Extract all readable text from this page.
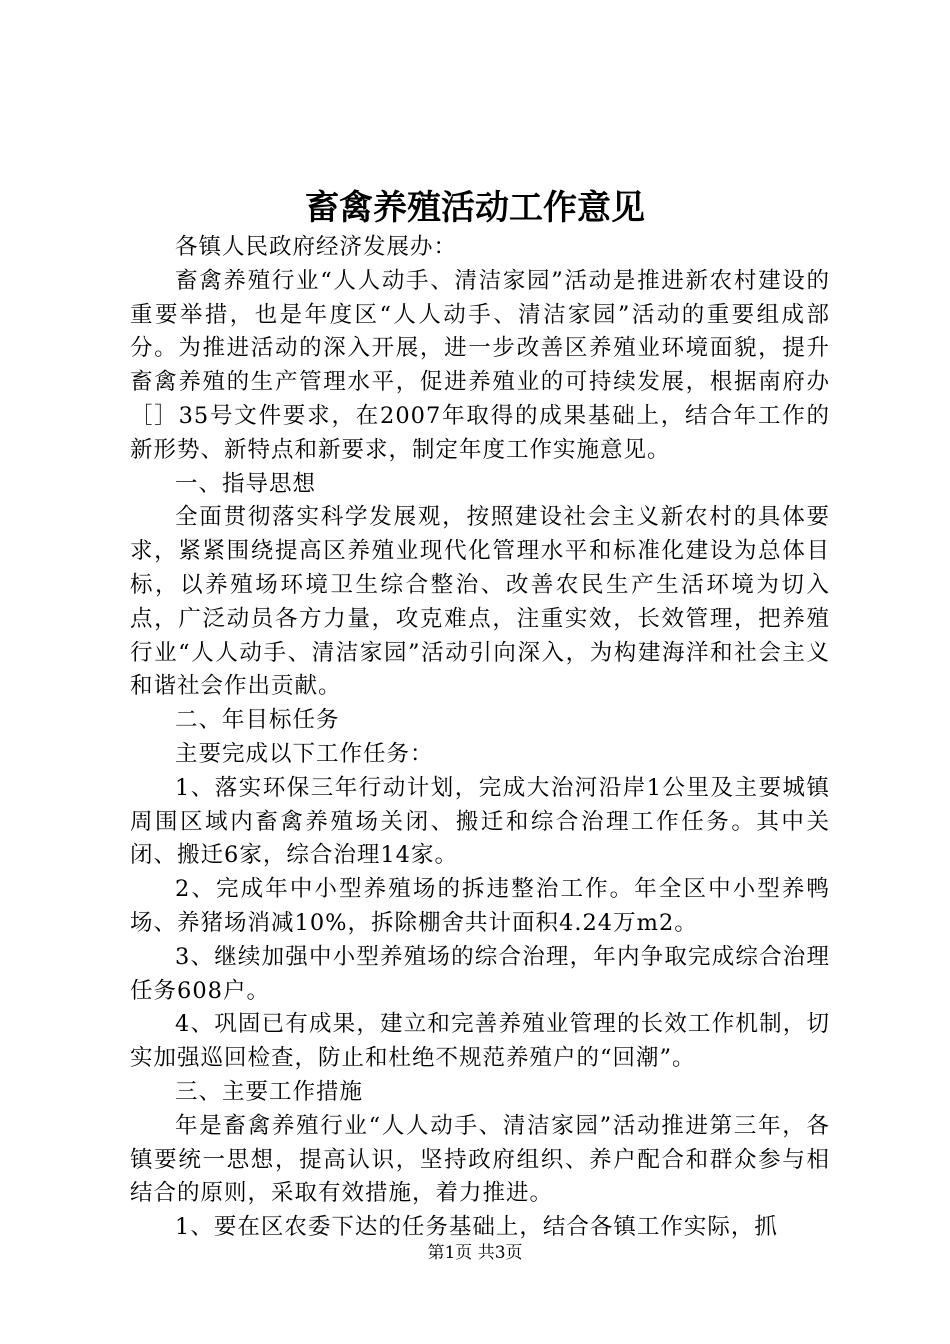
畜禽养殖活动工作意见

各镇人民政府经济发展办：

畜禽养殖行业“人人动手、清洁家园”活动是推进新农村建设的重要举措，也是年度区“人人动手、清洁家园”活动的重要组成部分。为推进活动的深入开展，进一步改善区养殖业环境面貌，提升畜禽养殖的生产管理水平，促进养殖业的可持续发展，根据南府办［］35号文件要求，在2007年取得的成果基础上，结合年工作的新形势、新特点和新要求，制定年度工作实施意见。

一、指导思想

全面贯彻落实科学发展观，按照建设社会主义新农村的具体要求，紧紧围绕提高区养殖业现代化管理水平和标准化建设为总体目标，以养殖场环境卫生综合整治、改善农民生产生活环境为切入点，广泛动员各方力量，攻克难点，注重实效，长效管理，把养殖行业“人人动手、清洁家园”活动引向深入，为构建海洋和社会主义和谐社会作出贡献。

二、年目标任务

主要完成以下工作任务：

1、落实环保三年行动计划，完成大治河沿岸1公里及主要城镇周围区域内畜禽养殖场关闭、搬迁和综合治理工作任务。其中关闭、搬迁6家，综合治理14家。

2、完成年中小型养殖场的拆违整治工作。年全区中小型养鸭场、养猪场消减10%，拆除棚舍共计面积4.24万m2。

3、继续加强中小型养殖场的综合治理，年内争取完成综合治理任务608户。

4、巩固已有成果，建立和完善养殖业管理的长效工作机制，切实加强巡回检查，防止和杜绝不规范养殖户的“回潮”。

三、主要工作措施

年是畜禽养殖行业“人人动手、清洁家园”活动推进第三年，各镇要统一思想，提高认识，坚持政府组织、养户配合和群众参与相结合的原则，采取有效措施，着力推进。

1、要在区农委下达的任务基础上，结合各镇工作实际，抓

第1页 共3页
